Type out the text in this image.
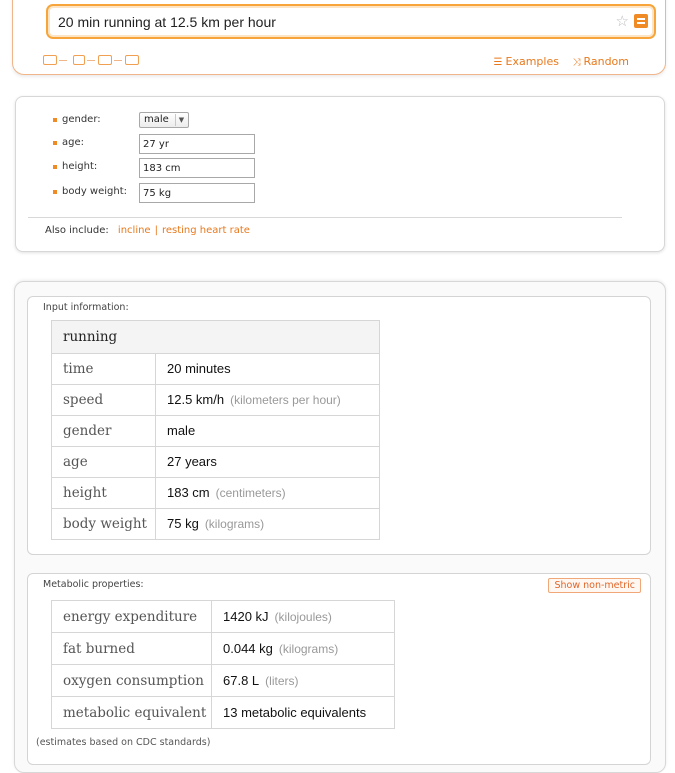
20 min running at 12.5 km per hour
☆
☰ Examples ⤨ Random
gender:	male	▼
age:
27 yr
height:
183 cm
body weight:
75 kg
Also include: incline | resting heart rate
Input information:
running	
time	20 minutes
speed	12.5 km/h (kilometers per hour)
gender	male
age	27 years
height	183 cm (centimeters)
body weight	75 kg (kilograms)
Metabolic properties:	Show non-metric
energy expenditure	1420 kJ (kilojoules)
fat burned	0.044 kg (kilograms)
oxygen consumption	67.8 L (liters)
metabolic equivalent	13 metabolic equivalents
(estimates based on CDC standards)
